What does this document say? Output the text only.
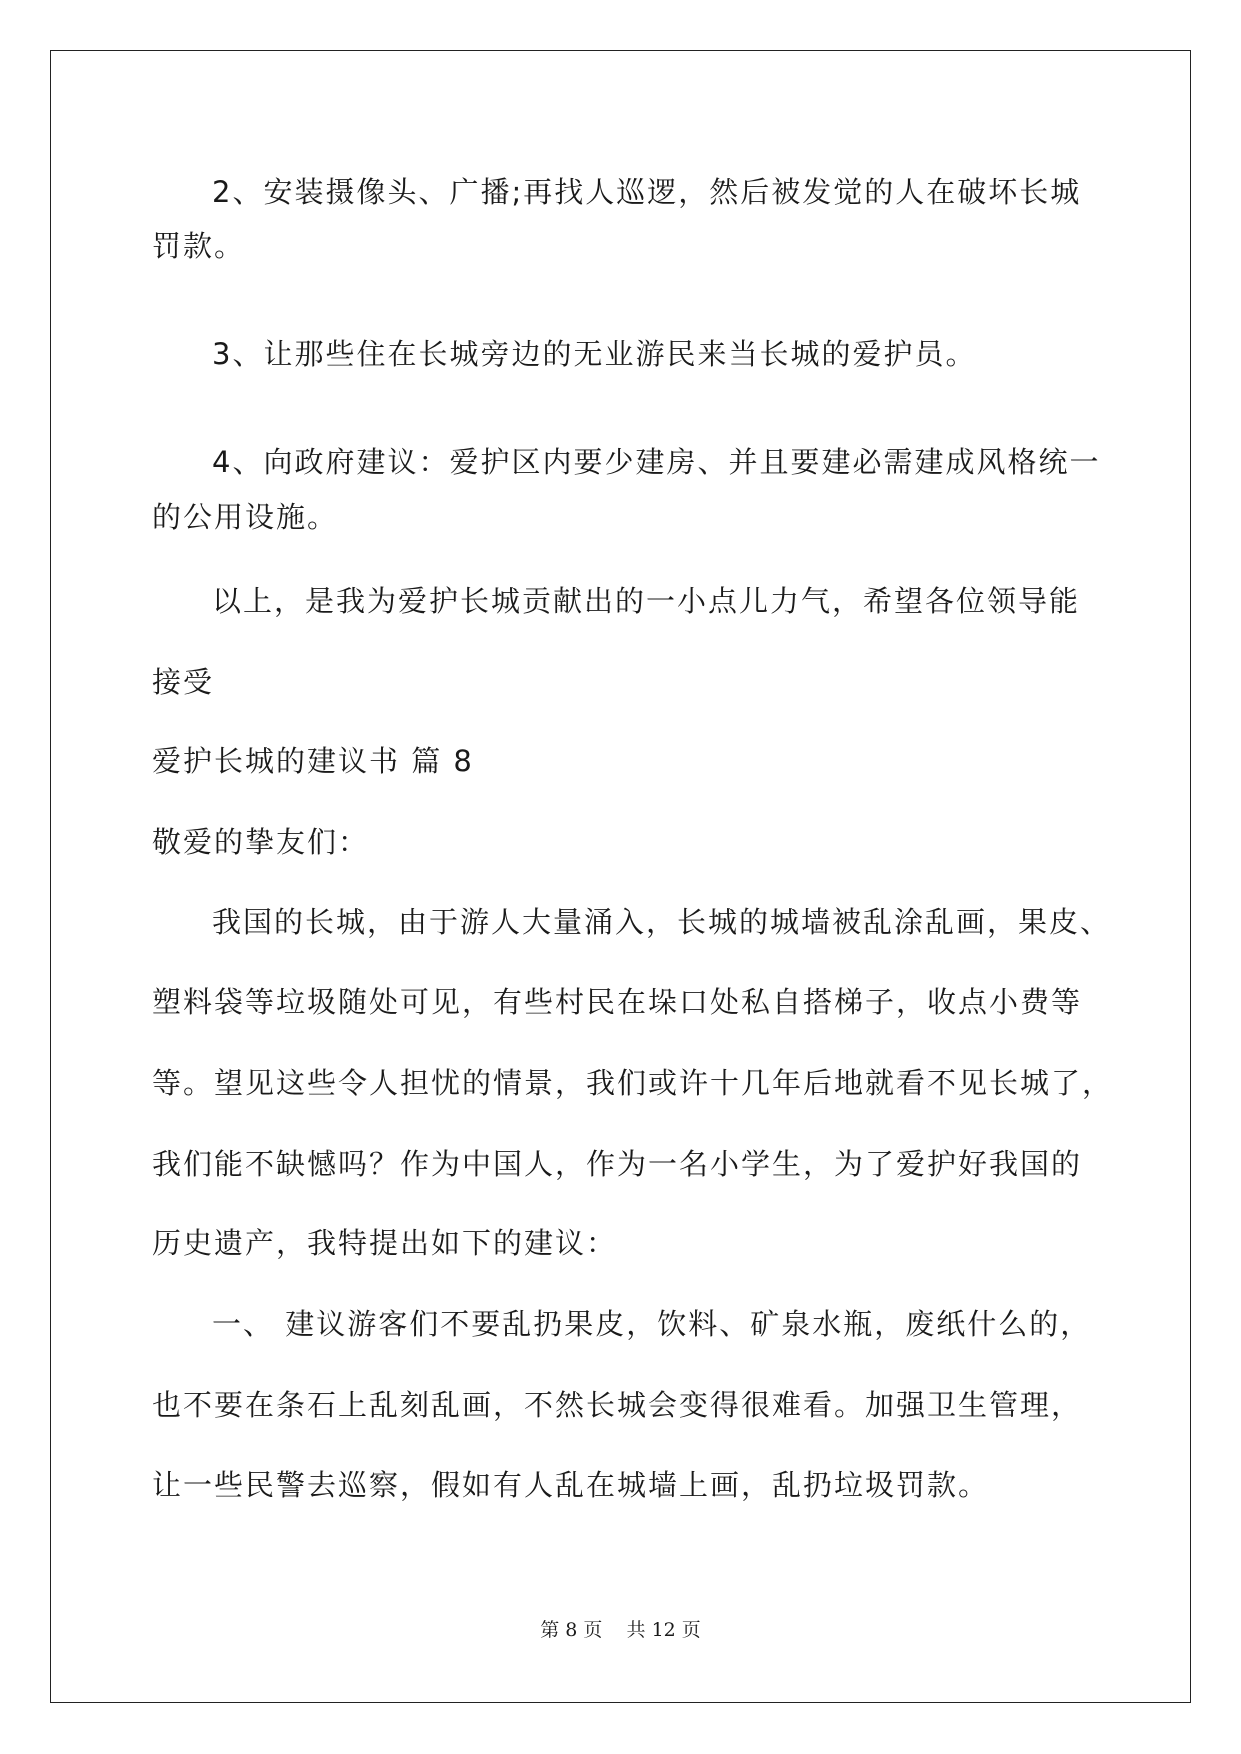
2、安装摄像头、广播;再找人巡逻，然后被发觉的人在破坏长城
罚款。
3、让那些住在长城旁边的无业游民来当长城的爱护员。
4、向政府建议：爱护区内要少建房、并且要建必需建成风格统一
的公用设施。
以上，是我为爱护长城贡献出的一小点儿力气，希望各位领导能
接受
爱护长城的建议书 篇 8
敬爱的挚友们：
我国的长城，由于游人大量涌入，长城的城墙被乱涂乱画，果皮、
塑料袋等垃圾随处可见，有些村民在垛口处私自搭梯子，收点小费等
等。望见这些令人担忧的情景，我们或许十几年后地就看不见长城了，
我们能不缺憾吗？作为中国人，作为一名小学生，为了爱护好我国的
历史遗产，我特提出如下的建议：
一、 建议游客们不要乱扔果皮，饮料、矿泉水瓶，废纸什么的，
也不要在条石上乱刻乱画，不然长城会变得很难看。加强卫生管理，
让一些民警去巡察，假如有人乱在城墙上画，乱扔垃圾罚款。
第 8 页    共 12 页
